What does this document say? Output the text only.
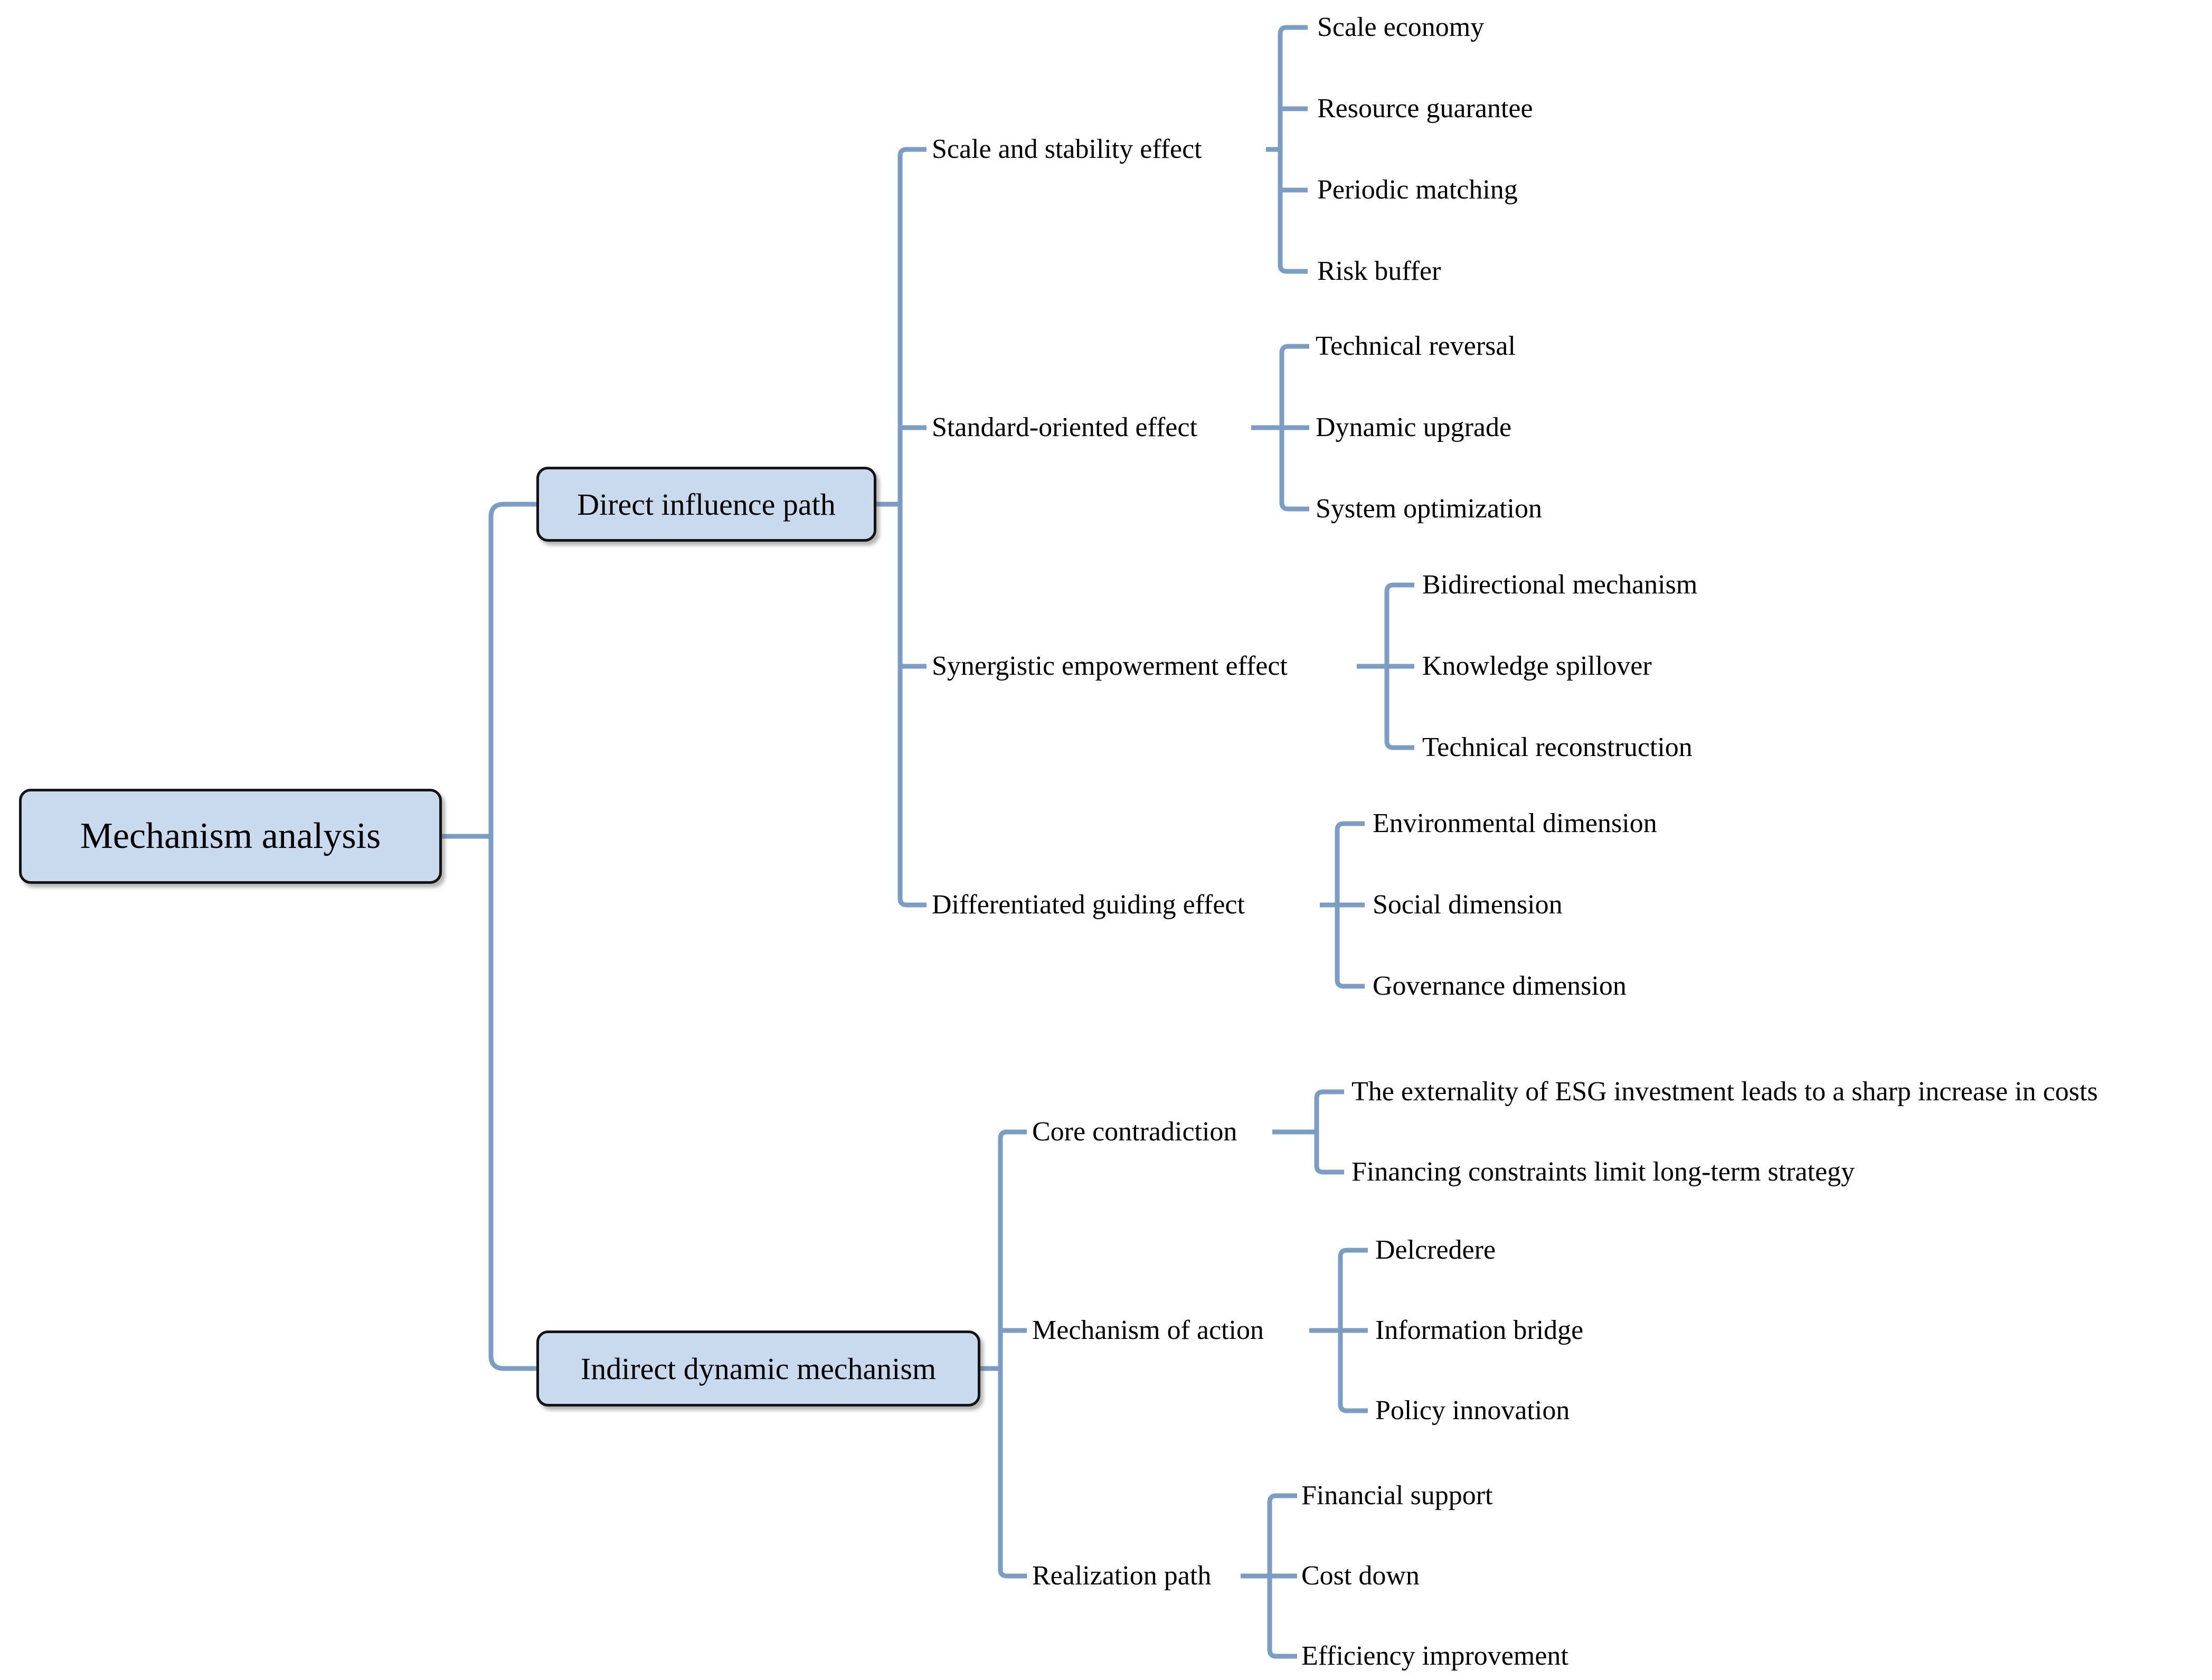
Mechanism analysis
Direct influence path
Indirect dynamic mechanism
Scale and stability effect
Standard-oriented effect
Synergistic empowerment effect
Differentiated guiding effect
Core contradiction
Mechanism of action
Realization path
Scale economy
Resource guarantee
Periodic matching
Risk buffer
Technical reversal
Dynamic upgrade
System optimization
Bidirectional mechanism
Knowledge spillover
Technical reconstruction
Environmental dimension
Social dimension
Governance dimension
The externality of ESG investment leads to a sharp increase in costs
Financing constraints limit long-term strategy
Delcredere
Information bridge
Policy innovation
Financial support
Cost down
Efficiency improvement
